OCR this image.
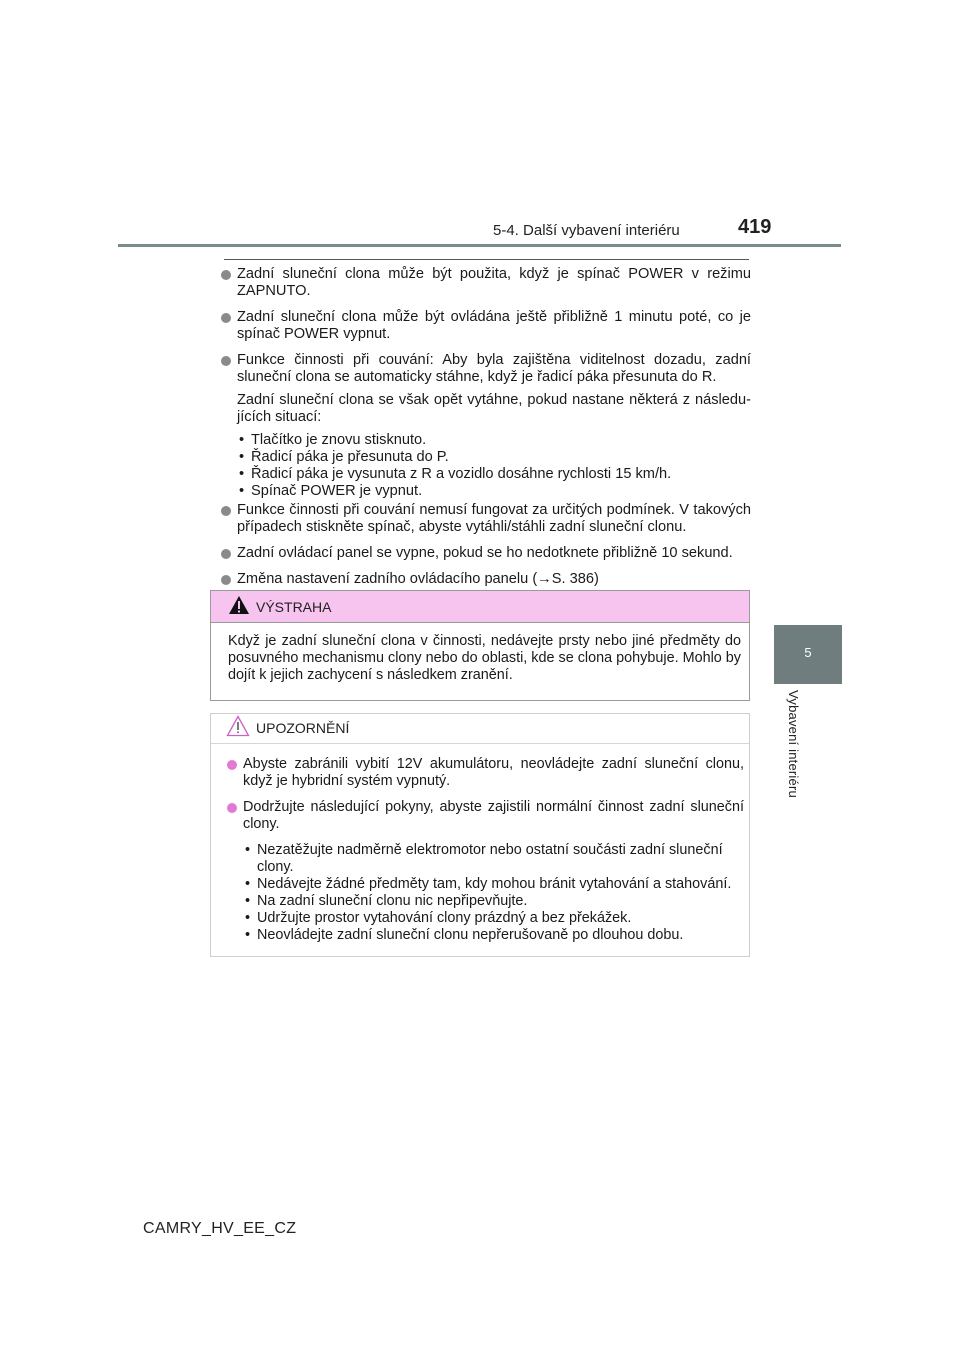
5-4. Další vybavení interiéru	419
5
Vybavení interiéru
Zadní sluneční clona může být použita, když je spínač POWER v režimu ZAPNUTO.
Zadní sluneční clona může být ovládána ještě přibližně 1 minutu poté, co je spínač POWER vypnut.
Funkce činnosti při couvání: Aby byla zajištěna viditelnost dozadu, zadní sluneční clona se automaticky stáhne, když je řadicí páka přesunuta do R.
Zadní sluneční clona se však opět vytáhne, pokud nastane některá z následu-jících situací:
• Tlačítko je znovu stisknuto.
• Řadicí páka je přesunuta do P.
• Řadicí páka je vysunuta z R a vozidlo dosáhne rychlosti 15 km/h.
• Spínač POWER je vypnut.
Funkce činnosti při couvání nemusí fungovat za určitých podmínek. V takových případech stiskněte spínač, abyste vytáhli/stáhli zadní sluneční clonu.
Zadní ovládací panel se vypne, pokud se ho nedotknete přibližně 10 sekund.
Změna nastavení zadního ovládacího panelu (→S. 386)
VÝSTRAHA
Když je zadní sluneční clona v činnosti, nedávejte prsty nebo jiné předměty do posuvného mechanismu clony nebo do oblasti, kde se clona pohybuje. Mohlo by dojít k jejich zachycení s následkem zranění.
UPOZORNĚNÍ
Abyste zabránili vybití 12V akumulátoru, neovládejte zadní sluneční clonu, když je hybridní systém vypnutý.
Dodržujte následující pokyny, abyste zajistili normální činnost zadní sluneční clony.
• Nezatěžujte nadměrně elektromotor nebo ostatní součásti zadní sluneční clony.
• Nedávejte žádné předměty tam, kdy mohou bránit vytahování a stahování.
• Na zadní sluneční clonu nic nepřipevňujte.
• Udržujte prostor vytahování clony prázdný a bez překážek.
• Neovládejte zadní sluneční clonu nepřerušovaně po dlouhou dobu.
CAMRY_HV_EE_CZ
